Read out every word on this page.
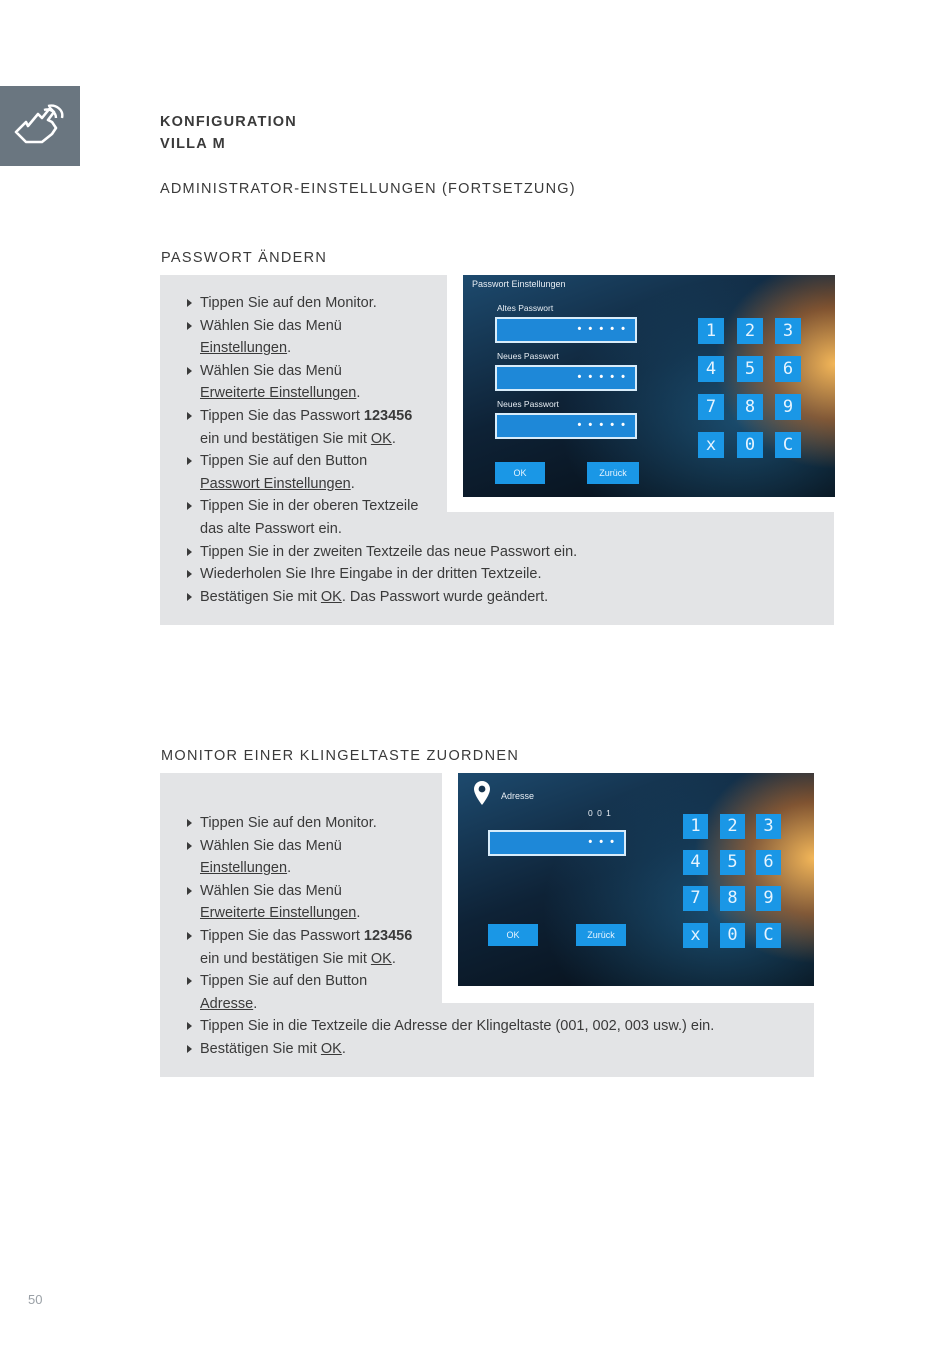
KONFIGURATION
VILLA M
ADMINISTRATOR-EINSTELLUNGEN (FORTSETZUNG)
PASSWORT ÄNDERN
Tippen Sie auf den Monitor.
Wählen Sie das Menü
Einstellungen.
Wählen Sie das Menü
Erweiterte Einstellungen.
Tippen Sie das Passwort 123456
ein und bestätigen Sie mit OK.
Tippen Sie auf den Button
Passwort Einstellungen.
Tippen Sie in der oberen Textzeile
das alte Passwort ein.
Tippen Sie in der zweiten Textzeile das neue Passwort ein.
Wiederholen Sie Ihre Eingabe in der dritten Textzeile.
Bestätigen Sie mit OK. Das Passwort wurde geändert.
Passwort Einstellungen
Altes Passwort
• • • • •
Neues Passwort
• • • • •
Neues Passwort
• • • • •
OK	Zurück
1	2	3
4	5	6
7	8	9
x	0	C
MONITOR EINER KLINGELTASTE ZUORDNEN
Tippen Sie auf den Monitor.
Wählen Sie das Menü
Einstellungen.
Wählen Sie das Menü
Erweiterte Einstellungen.
Tippen Sie das Passwort 123456
ein und bestätigen Sie mit OK.
Tippen Sie auf den Button
Adresse.
Tippen Sie in die Textzeile die Adresse der Klingeltaste (001, 002, 003 usw.) ein.
Bestätigen Sie mit OK.
Adresse
0 0 1
• • •
OK	Zurück
1	2	3
4	5	6
7	8	9
x	0	C
50
